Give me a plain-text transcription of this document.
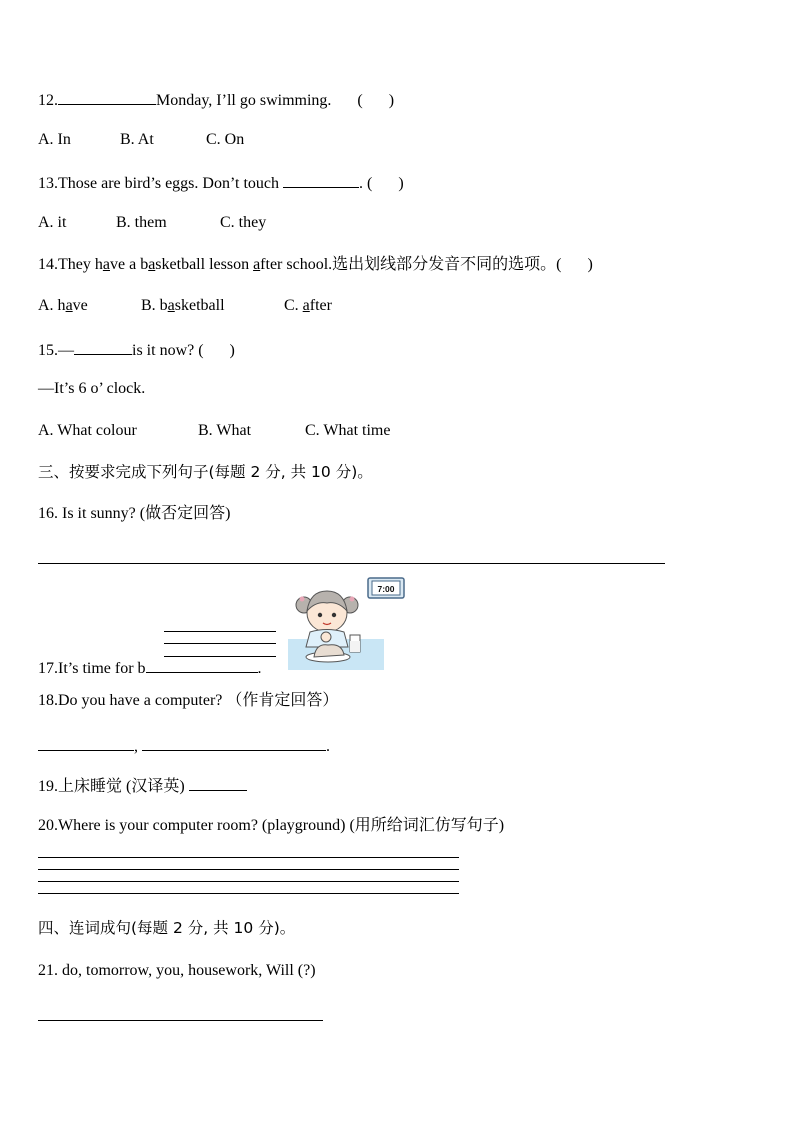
12.	Monday, I’ll go swimming. ( )
A. In	B. At	C. On
13.Those are bird’s eggs. Don’t touch	. ( )
A. it	B. them	C. they
14.They have a basketball lesson after school.选出划线部分发音不同的选项。( )
A. have	B. basketball	C. after
15.—	is it now? ( )
—It’s 6 o’ clock.
A. What colour	B. What	C. What time
三、按要求完成下列句子(每题 2 分, 共 10 分)。
16. Is it sunny? (做否定回答)
17.It’s time for b	.
7:00
18.Do you have a computer? （作肯定回答）
,	.
19.上床睡觉 (汉译英)
20.Where is your computer room? (playground) (用所给词汇仿写句子)
四、连词成句(每题 2 分, 共 10 分)。
21. do, tomorrow, you, housework, Will (?)
